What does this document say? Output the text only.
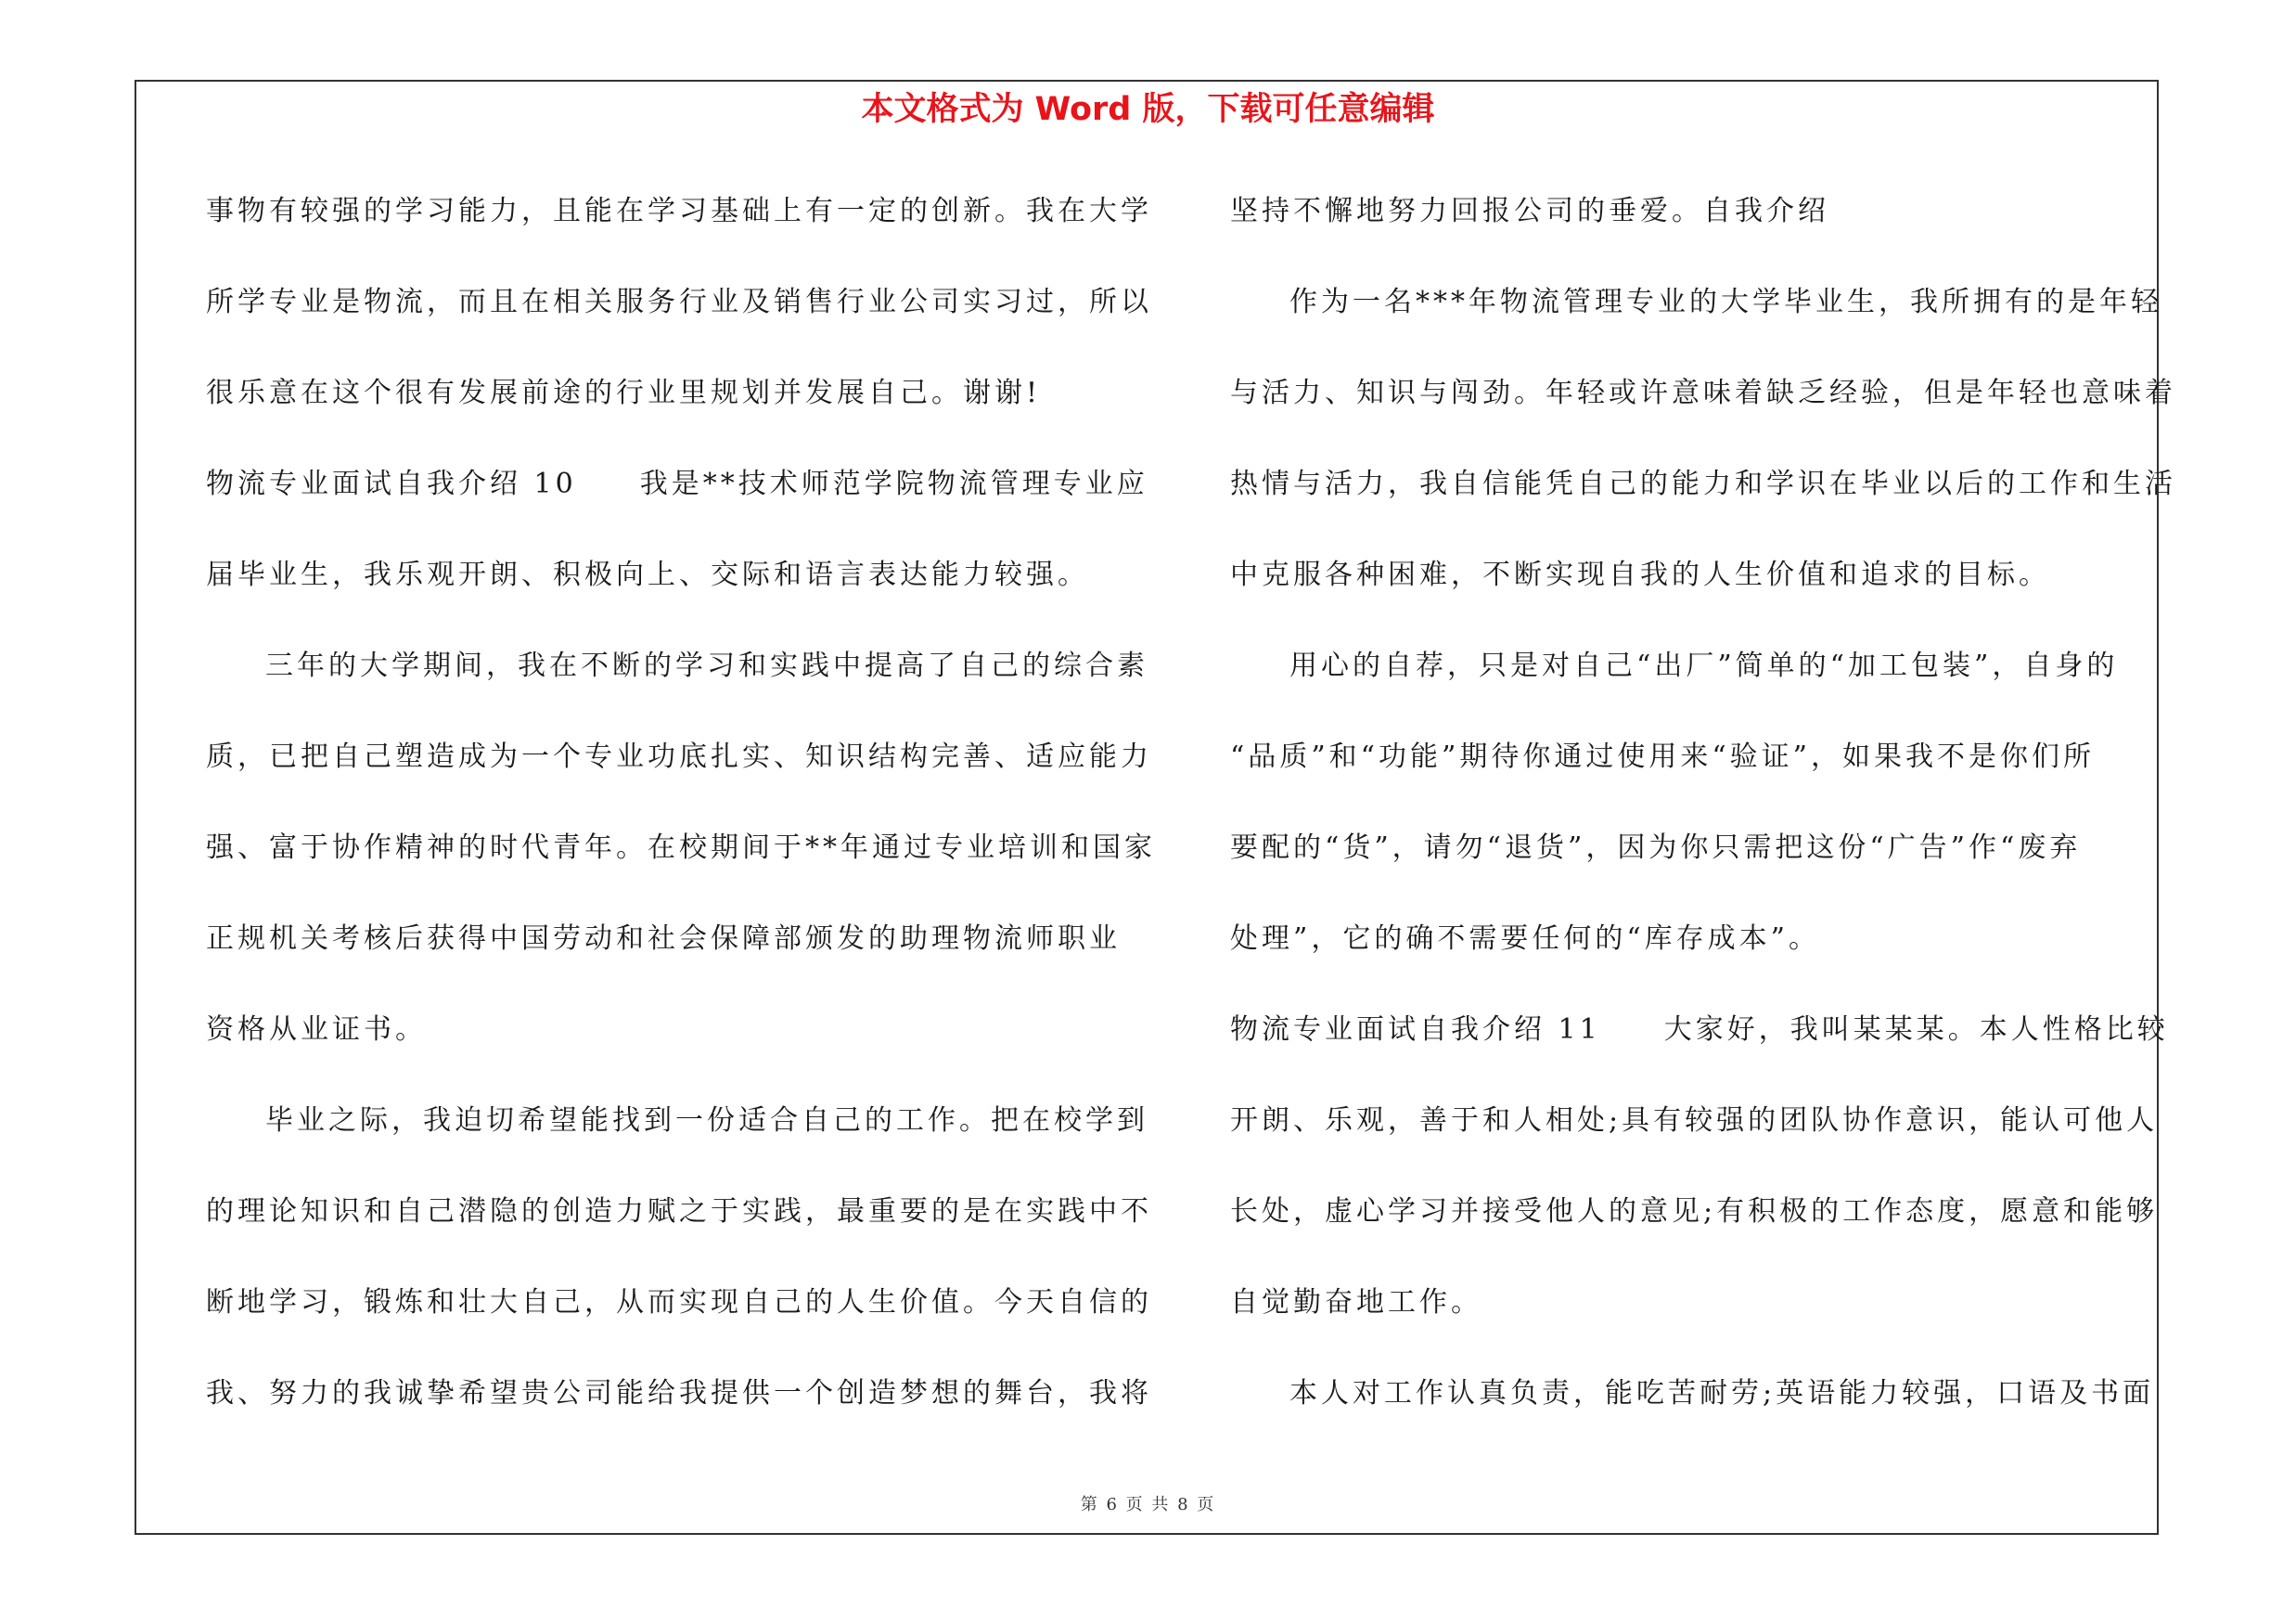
本文格式为 Word 版，下载可任意编辑
事物有较强的学习能力，且能在学习基础上有一定的创新。我在大学
所学专业是物流，而且在相关服务行业及销售行业公司实习过，所以
很乐意在这个很有发展前途的行业里规划并发展自己。谢谢!
物流专业面试自我介绍 10　　我是**技术师范学院物流管理专业应
届毕业生，我乐观开朗、积极向上、交际和语言表达能力较强。
三年的大学期间，我在不断的学习和实践中提高了自己的综合素
质，已把自己塑造成为一个专业功底扎实、知识结构完善、适应能力
强、富于协作精神的时代青年。在校期间于**年通过专业培训和国家
正规机关考核后获得中国劳动和社会保障部颁发的助理物流师职业
资格从业证书。
毕业之际，我迫切希望能找到一份适合自己的工作。把在校学到
的理论知识和自己潜隐的创造力赋之于实践，最重要的是在实践中不
断地学习，锻炼和壮大自己，从而实现自己的人生价值。今天自信的
我、努力的我诚挚希望贵公司能给我提供一个创造梦想的舞台，我将
坚持不懈地努力回报公司的垂爱。自我介绍
作为一名***年物流管理专业的大学毕业生，我所拥有的是年轻
与活力、知识与闯劲。年轻或许意味着缺乏经验，但是年轻也意味着
热情与活力，我自信能凭自己的能力和学识在毕业以后的工作和生活
中克服各种困难，不断实现自我的人生价值和追求的目标。
用心的自荐，只是对自己“出厂”简单的“加工包装”，自身的
“品质”和“功能”期待你通过使用来“验证”，如果我不是你们所
要配的“货”，请勿“退货”，因为你只需把这份“广告”作“废弃
处理”，它的确不需要任何的“库存成本”。
物流专业面试自我介绍 11　　大家好，我叫某某某。本人性格比较
开朗、乐观，善于和人相处;具有较强的团队协作意识，能认可他人
长处，虚心学习并接受他人的意见;有积极的工作态度，愿意和能够
自觉勤奋地工作。
本人对工作认真负责，能吃苦耐劳;英语能力较强，口语及书面
第 6 页 共 8 页
